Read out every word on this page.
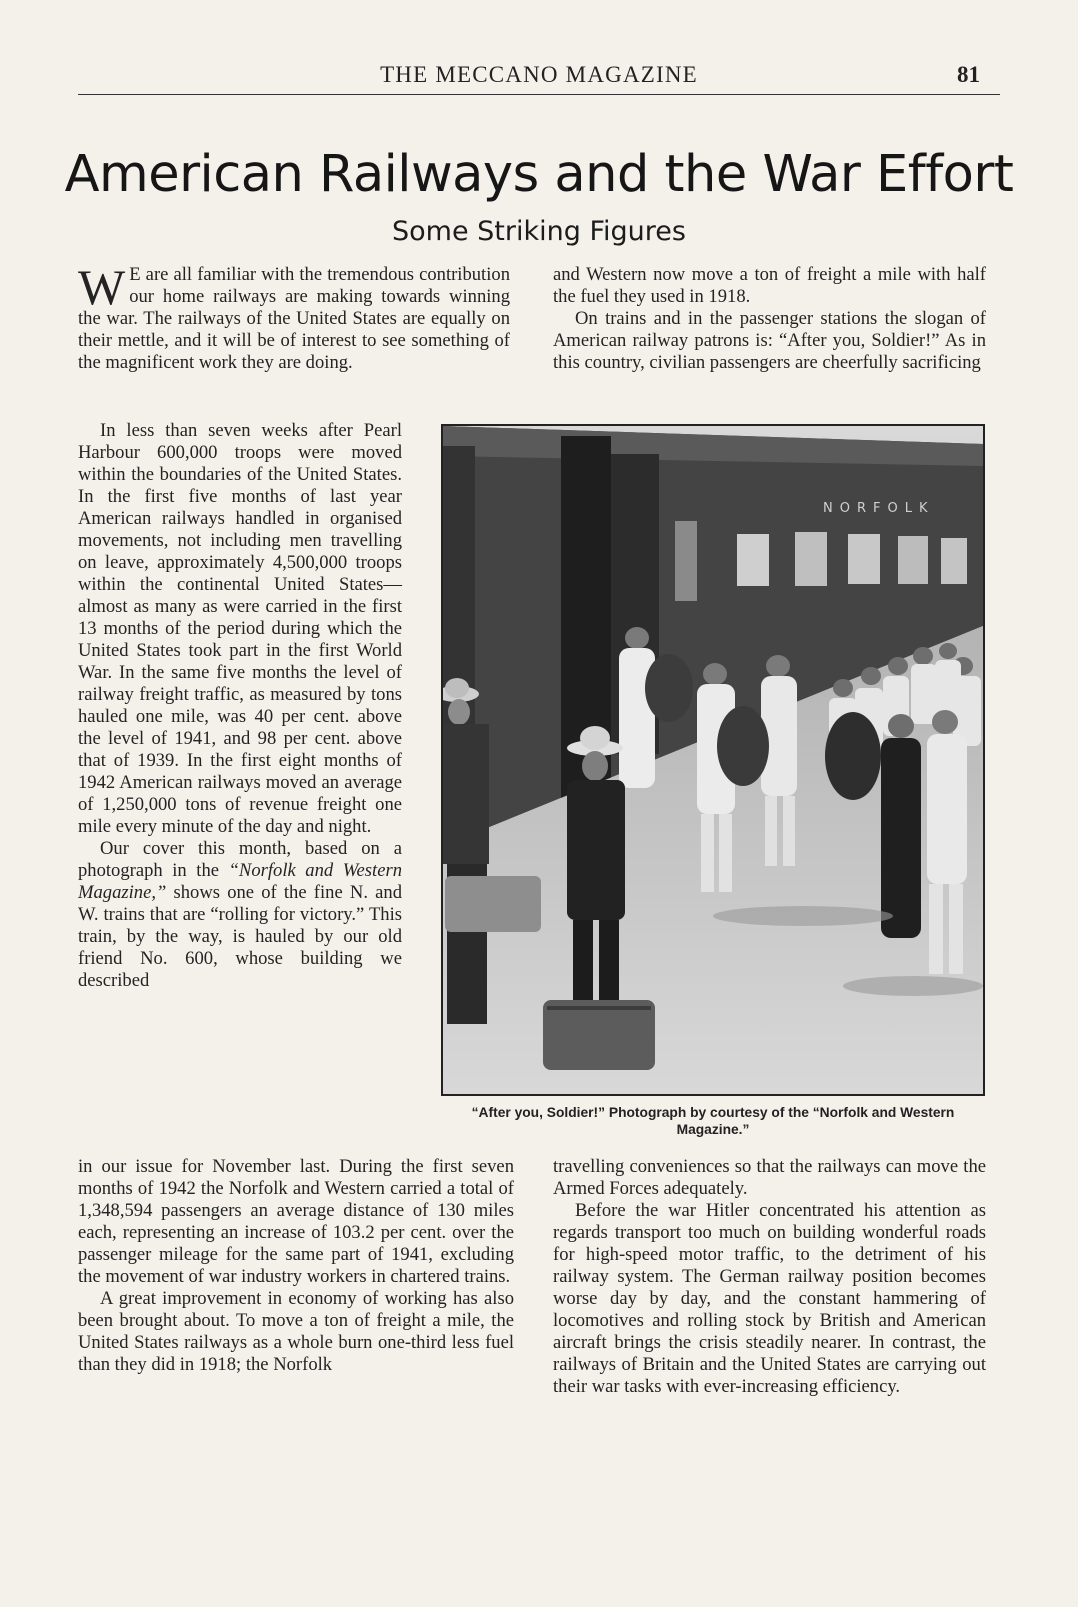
THE MECCANO MAGAZINE	81
American Railways and the War Effort
Some Striking Figures

W E are all familiar with the tremendous contribution our home railways are making towards winning the war. The railways of the United States are equally on their mettle, and it will be of interest to see something of the magnificent work they are doing.

In less than seven weeks after Pearl Harbour 600,000 troops were moved within the boundaries of the United States. In the first five months of last year American railways handled in organised movements, not including men travelling on leave, approximately 4,500,000 troops within the continental United States—almost as many as were carried in the first 13 months of the period during which the United States took part in the first World War. In the same five months the level of railway freight traffic, as measured by tons hauled one mile, was 40 per cent. above the level of 1941, and 98 per cent. above that of 1939. In the first eight months of 1942 American railways moved an average of 1,250,000 tons of revenue freight one mile every minute of the day and night.

Our cover this month, based on a photograph in the “Norfolk and Western Magazine,” shows one of the fine N. and W. trains that are “rolling for victory.” This train, by the way, is hauled by our old friend No. 600, whose building we described

in our issue for November last. During the first seven months of 1942 the Norfolk and Western carried a total of 1,348,594 passengers an average distance of 130 miles each, representing an increase of 103.2 per cent. over the passenger mileage for the same part of 1941, excluding the movement of war industry workers in chartered trains.

A great improvement in economy of working has also been brought about. To move a ton of freight a mile, the United States railways as a whole burn one-third less fuel than they did in 1918; the Norfolk

and Western now move a ton of freight a mile with half the fuel they used in 1918.

On trains and in the passenger stations the slogan of American railway patrons is: “After you, Soldier!” As in this country, civilian passengers are cheerfully sacrificing

NORFOLK
“After you, Soldier!” Photograph by courtesy of the “Norfolk and Western Magazine.”

travelling conveniences so that the railways can move the Armed Forces adequately.

Before the war Hitler concentrated his attention as regards transport too much on building wonderful roads for high-speed motor traffic, to the detriment of his railway system. The German railway position becomes worse day by day, and the constant hammering of locomotives and rolling stock by British and American aircraft brings the crisis steadily nearer. In contrast, the railways of Britain and the United States are carrying out their war tasks with ever-increasing efficiency.
